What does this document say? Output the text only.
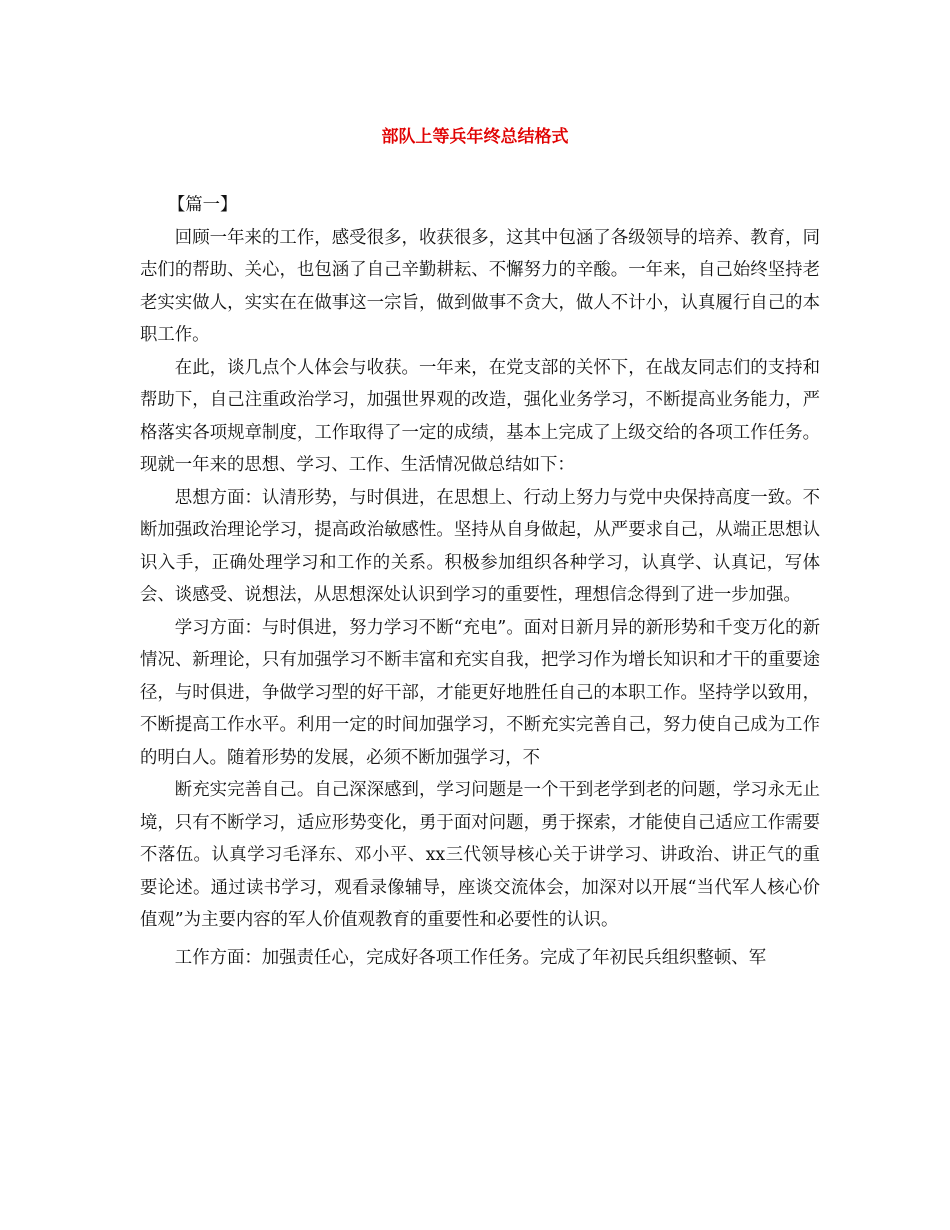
部队上等兵年终总结格式

【篇一】

回顾一年来的工作，感受很多，收获很多，这其中包涵了各级领导的培养、教育，同志们的帮助、关心，也包涵了自己辛勤耕耘、不懈努力的辛酸。一年来，自己始终坚持老老实实做人，实实在在做事这一宗旨，做到做事不贪大，做人不计小，认真履行自己的本职工作。

在此，谈几点个人体会与收获。一年来，在党支部的关怀下，在战友同志们的支持和帮助下，自己注重政治学习，加强世界观的改造，强化业务学习，不断提高业务能力，严格落实各项规章制度，工作取得了一定的成绩，基本上完成了上级交给的各项工作任务。现就一年来的思想、学习、工作、生活情况做总结如下：

思想方面：认清形势，与时俱进，在思想上、行动上努力与党中央保持高度一致。不断加强政治理论学习，提高政治敏感性。坚持从自身做起，从严要求自己，从端正思想认识入手，正确处理学习和工作的关系。积极参加组织各种学习，认真学、认真记，写体会、谈感受、说想法，从思想深处认识到学习的重要性，理想信念得到了进一步加强。

学习方面：与时俱进，努力学习不断“充电”。面对日新月异的新形势和千变万化的新情况、新理论，只有加强学习不断丰富和充实自我，把学习作为增长知识和才干的重要途径，与时俱进，争做学习型的好干部，才能更好地胜任自己的本职工作。坚持学以致用，不断提高工作水平。利用一定的时间加强学习，不断充实完善自己，努力使自己成为工作的明白人。随着形势的发展，必须不断加强学习，不

断充实完善自己。自己深深感到，学习问题是一个干到老学到老的问题，学习永无止境，只有不断学习，适应形势变化，勇于面对问题，勇于探索，才能使自己适应工作需要不落伍。认真学习毛泽东、邓小平、xx三代领导核心关于讲学习、讲政治、讲正气的重要论述。通过读书学习，观看录像辅导，座谈交流体会，加深对以开展“当代军人核心价值观”为主要内容的军人价值观教育的重要性和必要性的认识。

工作方面：加强责任心，完成好各项工作任务。完成了年初民兵组织整顿、军
